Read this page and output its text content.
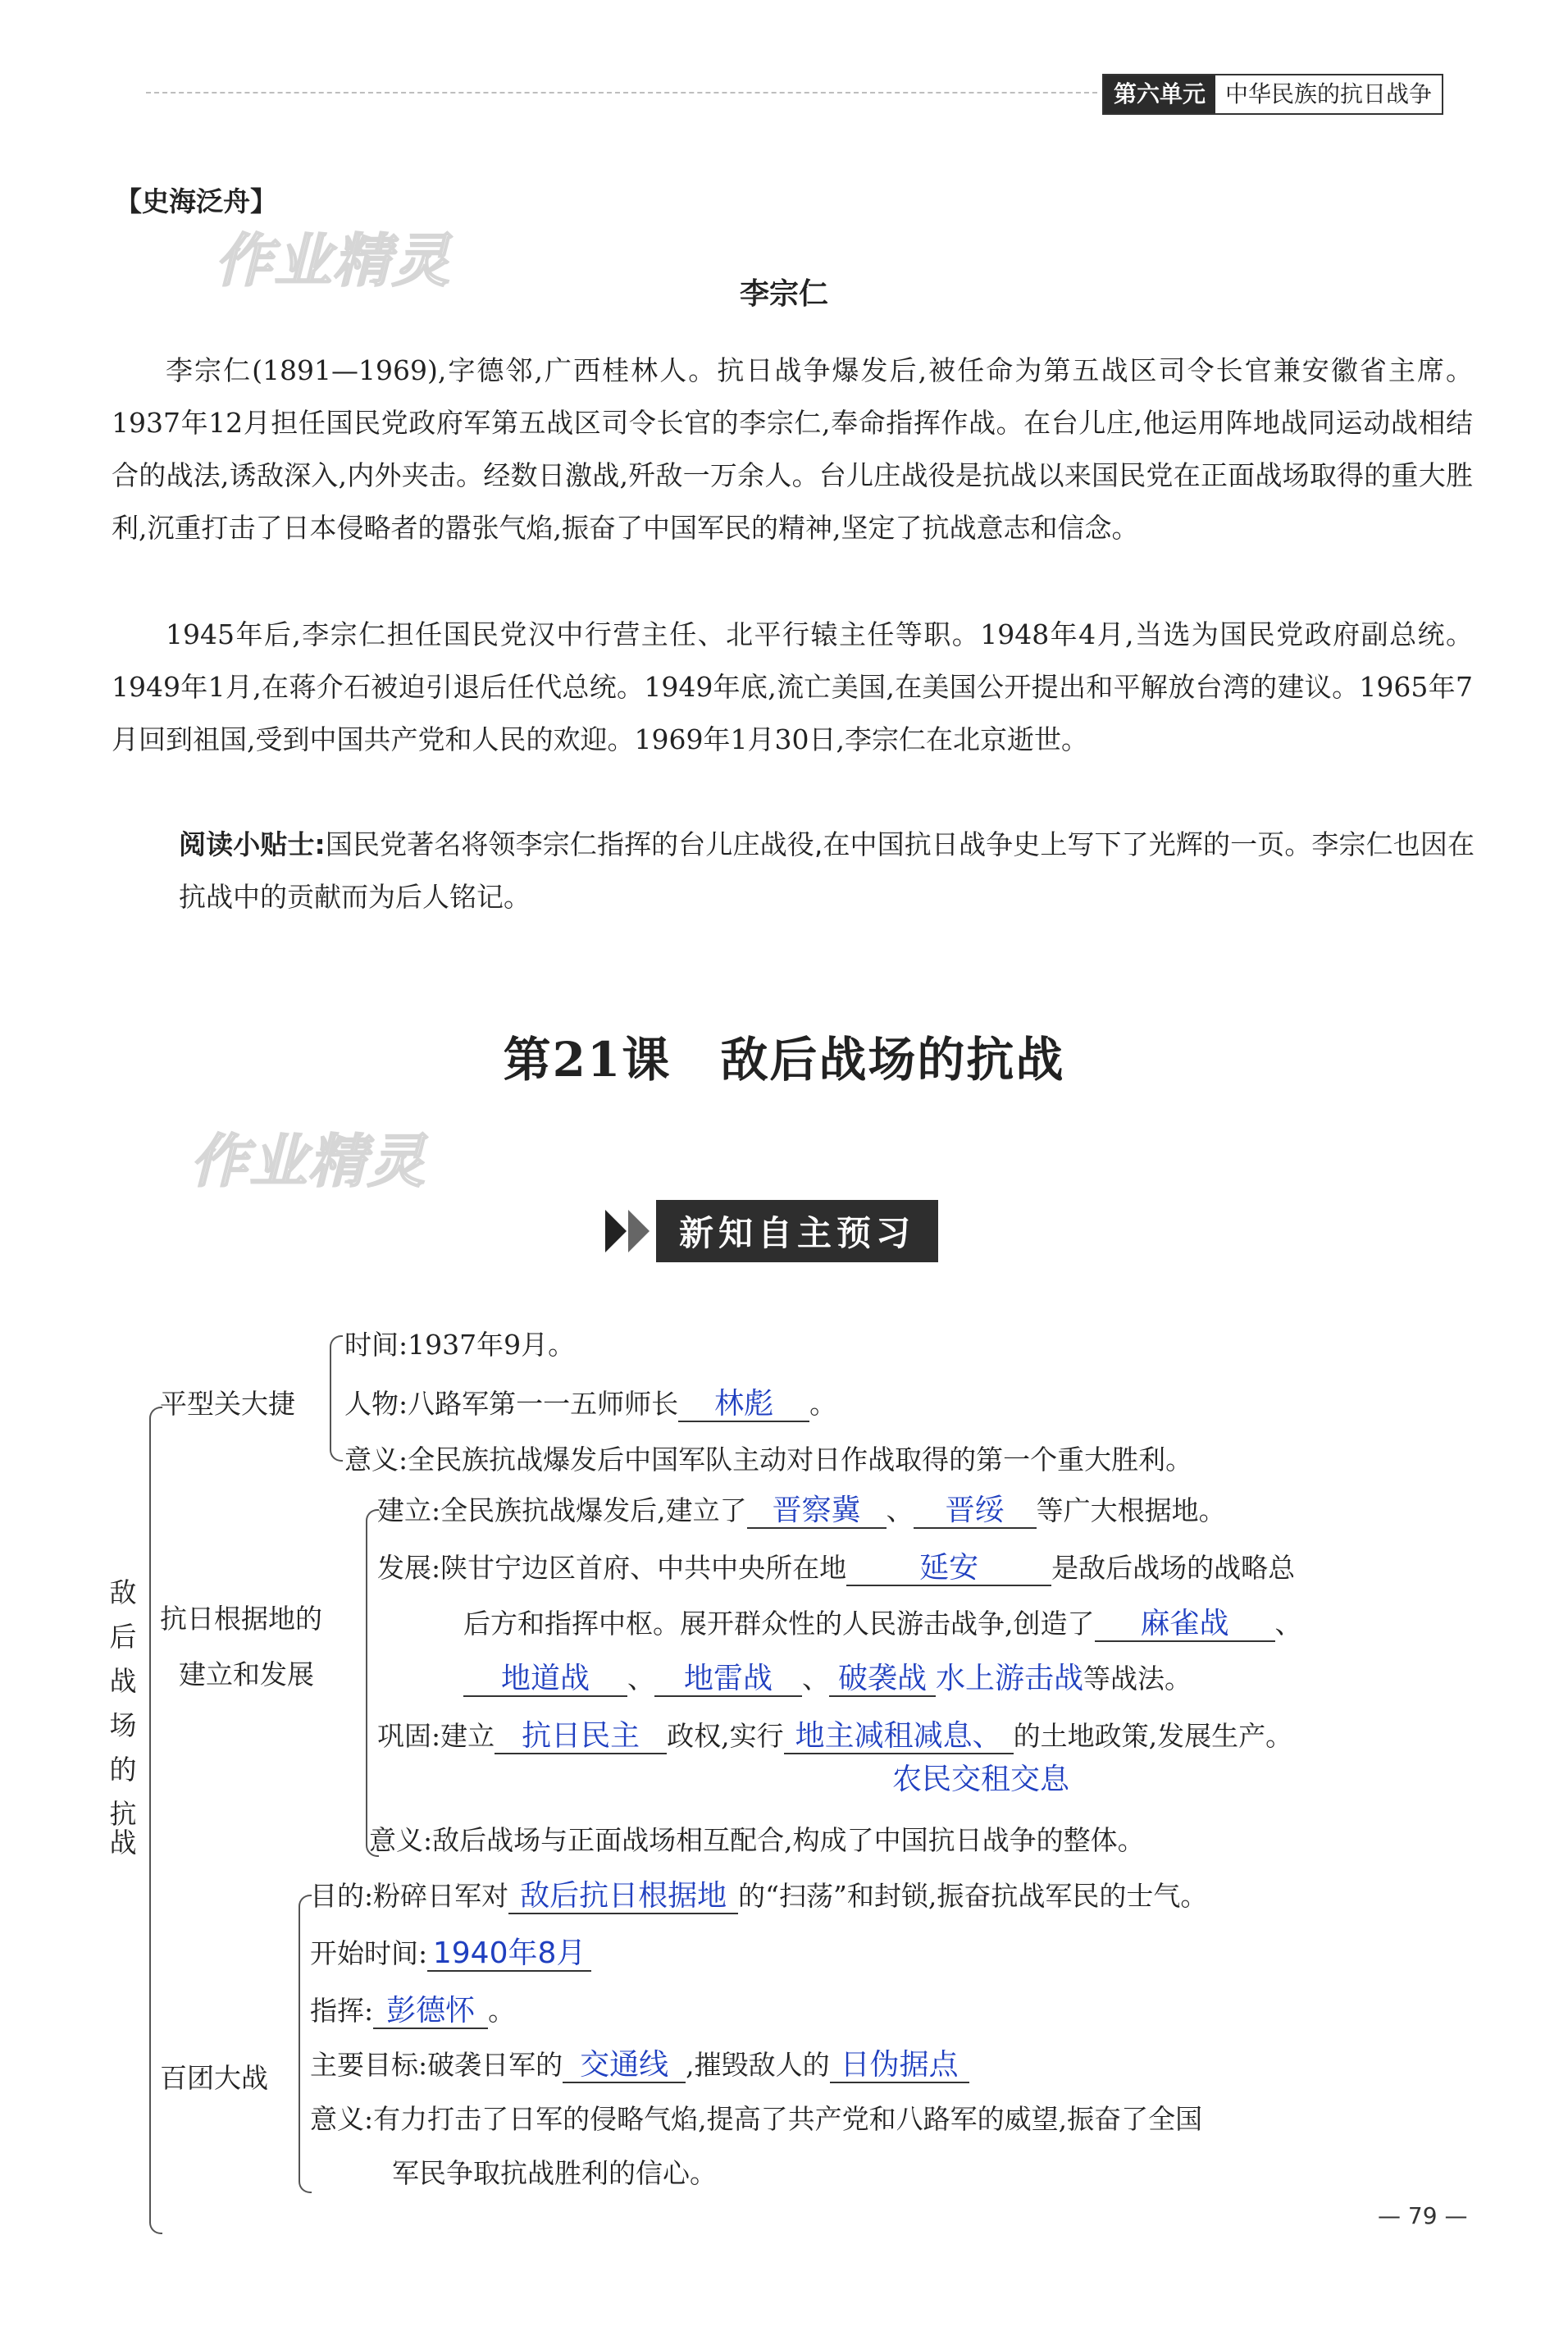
第六单元 中华民族的抗日战争
作业精灵
作业精灵
【史海泛舟】
李宗仁

李宗仁(1891—1969),字德邻,广西桂林人。抗日战争爆发后,被任命为第五战区司令长官兼安徽省主席。1937年12月担任国民党政府军第五战区司令长官的李宗仁,奉命指挥作战。在台儿庄,他运用阵地战同运动战相结合的战法,诱敌深入,内外夹击。经数日激战,歼敌一万余人。台儿庄战役是抗战以来国民党在正面战场取得的重大胜利,沉重打击了日本侵略者的嚣张气焰,振奋了中国军民的精神,坚定了抗战意志和信念。

1945年后,李宗仁担任国民党汉中行营主任、北平行辕主任等职。1948年4月,当选为国民党政府副总统。1949年1月,在蒋介石被迫引退后任代总统。1949年底,流亡美国,在美国公开提出和平解放台湾的建议。1965年7月回到祖国,受到中国共产党和人民的欢迎。1969年1月30日,李宗仁在北京逝世。

阅读小贴士:国民党著名将领李宗仁指挥的台儿庄战役,在中国抗日战争史上写下了光辉的一页。李宗仁也因在抗战中的贡献而为后人铭记。

第21课　敌后战场的抗战
新知自主预习
敌
后
战
场
的
抗
战
平型关大捷
时间:1937年9月。
人物:八路军第一一五师师长 林彪 。
意义:全民族抗战爆发后中国军队主动对日作战取得的第一个重大胜利。
抗日根据地的
建立和发展
建立:全民族抗战爆发后,建立了 晋察冀 、 晋绥 等广大根据地。
发展:陕甘宁边区首府、中共中央所在地 延安	是敌后战场的战略总
后方和指挥中枢。展开群众性的人民游击战争,创造了 麻雀战 、
地道战 、 地雷战 、 破袭战 水上游击战等战法。
巩固:建立 抗日民主 政权,实行 地主减租减息、 的土地政策,发展生产。
农民交租交息
意义:敌后战场与正面战场相互配合,构成了中国抗日战争的整体。
百团大战
目的:粉碎日军对 敌后抗日根据地 的“扫荡”和封锁,振奋抗战军民的士气。
开始时间: 1940年8月
指挥: 彭德怀 。
主要目标:破袭日军的 交通线 ,摧毁敌人的 日伪据点
意义:有力打击了日军的侵略气焰,提高了共产党和八路军的威望,振奋了全国
军民争取抗战胜利的信心。
— 79 —
